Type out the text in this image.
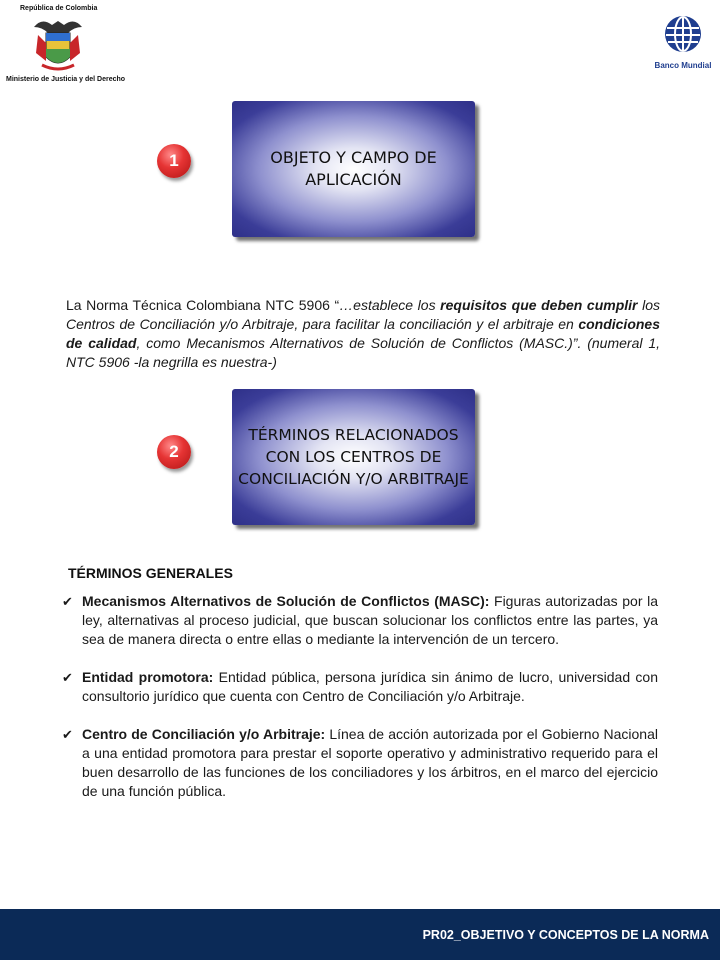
República de Colombia
Ministerio de Justicia y del Derecho
Banco Mundial
1	OBJETO Y CAMPO DE APLICACIÓN

La Norma Técnica Colombiana NTC 5906 “…establece los requisitos que deben cumplir los Centros de Conciliación y/o Arbitraje, para facilitar la conciliación y el arbitraje en condiciones de calidad, como Mecanismos Alternativos de Solución de Conflictos (MASC.)”. (numeral 1, NTC 5906 -la negrilla es nuestra-)

2
TÉRMINOS RELACIONADOS CON LOS CENTROS DE CONCILIACIÓN Y/O ARBITRAJE
TÉRMINOS GENERALES
✔ Mecanismos Alternativos de Solución de Conflictos (MASC): Figuras autorizadas por la ley, alternativas al proceso judicial, que buscan solucionar los conflictos entre las partes, ya sea de manera directa o entre ellas o mediante la intervención de un tercero.
✔ Entidad promotora: Entidad pública, persona jurídica sin ánimo de lucro, universidad con consultorio jurídico que cuenta con Centro de Conciliación y/o Arbitraje.
✔ Centro de Conciliación y/o Arbitraje: Línea de acción autorizada por el Gobierno Nacional a una entidad promotora para prestar el soporte operativo y administrativo requerido para el buen desarrollo de las funciones de los conciliadores y los árbitros, en el marco del ejercicio de una función pública.
PR02_OBJETIVO Y CONCEPTOS DE LA NORMA
